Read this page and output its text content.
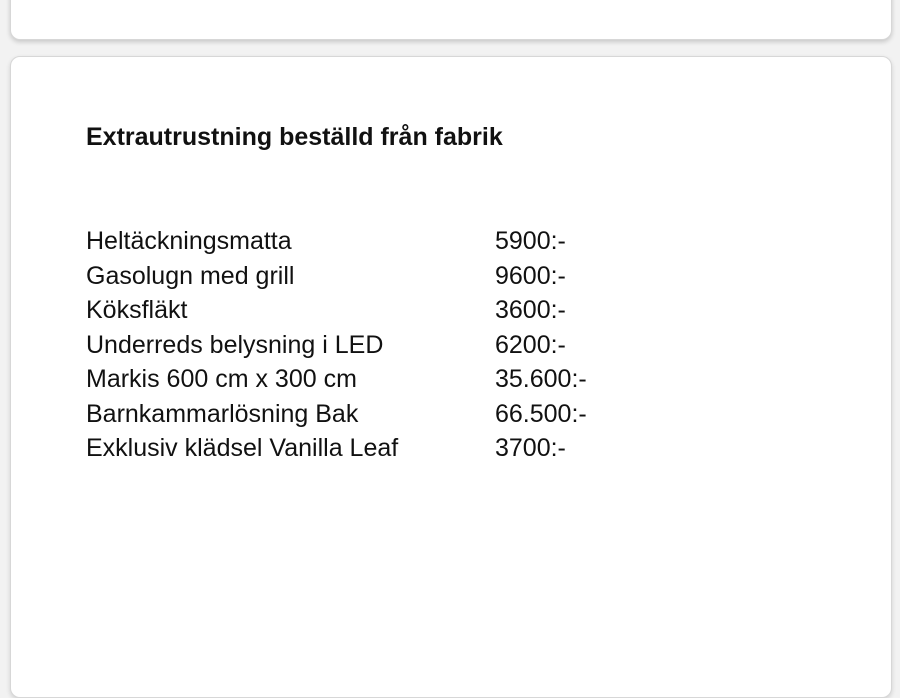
Extrautrustning beställd från fabrik
Heltäckningsmatta	5900:-
Gasolugn med grill	9600:-
Köksfläkt	3600:-
Underreds belysning i LED	6200:-
Markis 600 cm x 300 cm	35.600:-
Barnkammarlösning Bak	66.500:-
Exklusiv klädsel Vanilla Leaf	3700:-
